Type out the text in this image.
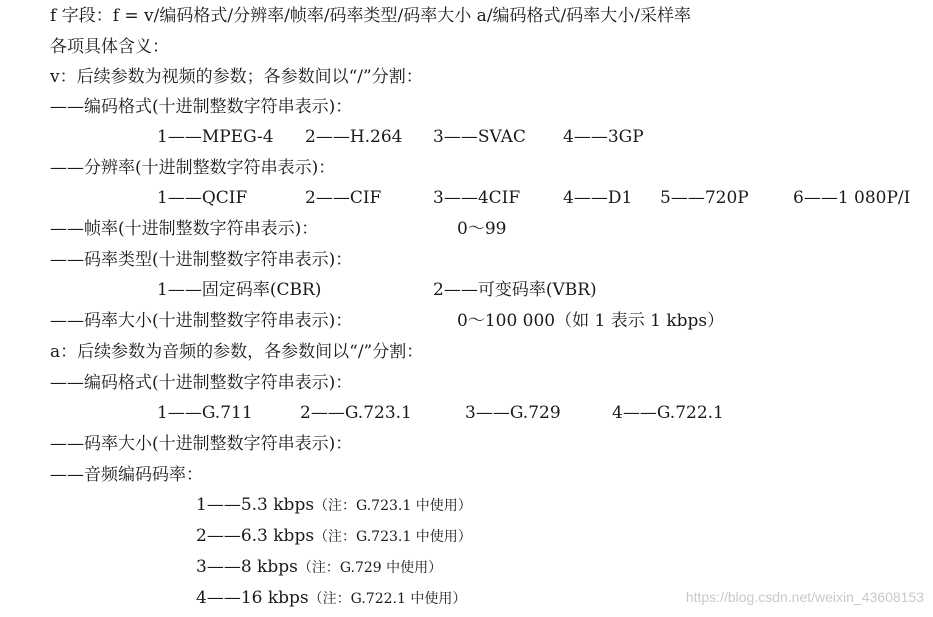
f 字段：f = v/编码格式/分辨率/帧率/码率类型/码率大小 a/编码格式/码率大小/采样率
各项具体含义：
v：后续参数为视频的参数；各参数间以“/”分割：
——编码格式(十进制整数字符串表示)：
1——MPEG-4 2——H.264 3——SVAC 4——3GP
——分辨率(十进制整数字符串表示)：
1——QCIF	2——CIF	3——4CIF	4——D1 5——720P	6——1 080P/I
——帧率(十进制整数字符串表示)：	0～99
——码率类型(十进制整数字符串表示)：
1——固定码率(CBR)	2——可变码率(VBR)
——码率大小(十进制整数字符串表示)：	0～100 000（如 1 表示 1 kbps）
a：后续参数为音频的参数，各参数间以“/”分割：
——编码格式(十进制整数字符串表示)：
1——G.711	2——G.723.1	3——G.729	4——G.722.1
——码率大小(十进制整数字符串表示)：
——音频编码码率：
1——5.3 kbps（注：G.723.1 中使用）
2——6.3 kbps（注：G.723.1 中使用）
3——8 kbps（注：G.729 中使用）
4——16 kbps（注：G.722.1 中使用）	https://blog.csdn.net/weixin_43608153
